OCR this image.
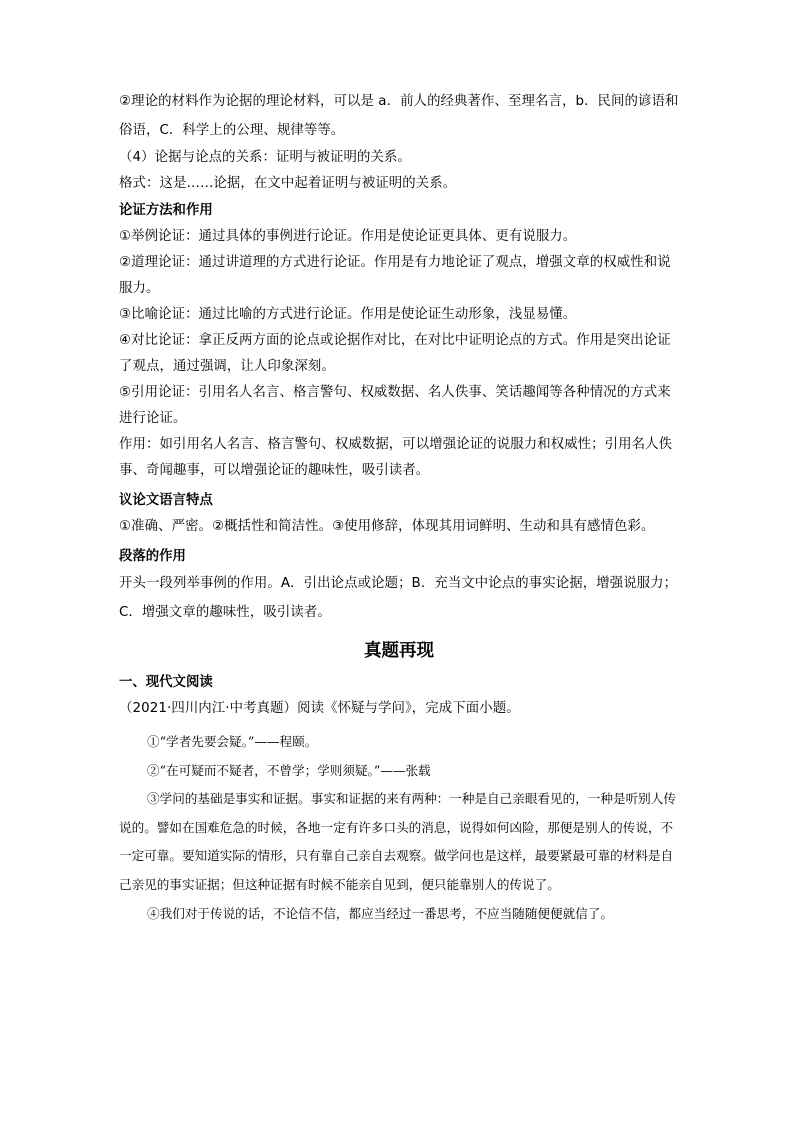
②理论的材料作为论据的理论材料，可以是 a．前人的经典著作、至理名言，b．民间的谚语和俗语，C．科学上的公理、规律等等。

（4）论据与论点的关系：证明与被证明的关系。

格式：这是……论据，在文中起着证明与被证明的关系。

论证方法和作用

①举例论证：通过具体的事例进行论证。作用是使论证更具体、更有说服力。

②道理论证：通过讲道理的方式进行论证。作用是有力地论证了观点，增强文章的权威性和说服力。

③比喻论证：通过比喻的方式进行论证。作用是使论证生动形象，浅显易懂。

④对比论证：拿正反两方面的论点或论据作对比，在对比中证明论点的方式。作用是突出论证了观点，通过强调，让人印象深刻。

⑤引用论证：引用名人名言、格言警句、权威数据、名人佚事、笑话趣闻等各种情况的方式来进行论证。

作用：如引用名人名言、格言警句、权威数据，可以增强论证的说服力和权威性；引用名人佚事、奇闻趣事，可以增强论证的趣味性，吸引读者。

议论文语言特点

①准确、严密。②概括性和简洁性。③使用修辞，体现其用词鲜明、生动和具有感情色彩。

段落的作用

开头一段列举事例的作用。A．引出论点或论题；B．充当文中论点的事实论据，增强说服力；C．增强文章的趣味性，吸引读者。

真题再现

一、现代文阅读

（2021·四川内江·中考真题）阅读《怀疑与学问》，完成下面小题。

①“学者先要会疑。”——程颐。

②“在可疑而不疑者，不曾学；学则须疑。”——张载

③学问的基础是事实和证据。事实和证据的来有两种：一种是自己亲眼看见的，一种是听别人传说的。譬如在国难危急的时候，各地一定有许多口头的消息，说得如何凶险，那便是别人的传说，不一定可靠。要知道实际的情形，只有靠自己亲自去观察。做学问也是这样，最要紧最可靠的材料是自己亲见的事实证据；但这种证据有时候不能亲自见到，便只能靠别人的传说了。

④我们对于传说的话，不论信不信，都应当经过一番思考，不应当随随便便就信了。
